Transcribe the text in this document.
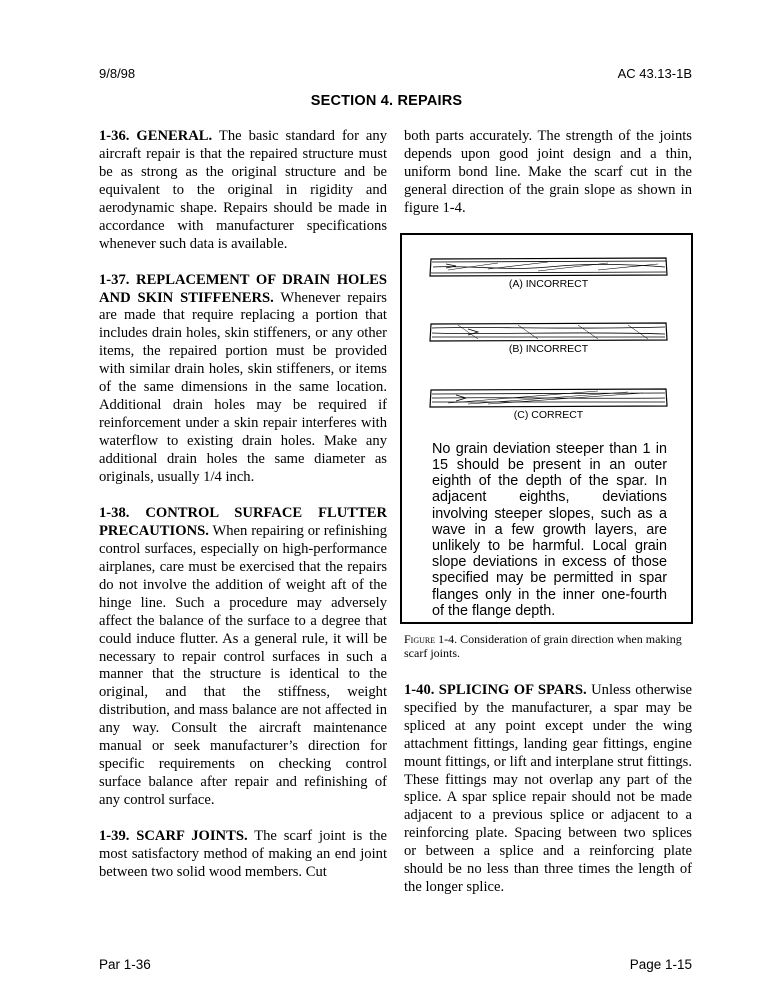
9/8/98	AC 43.13-1B
SECTION 4. REPAIRS

1-36. GENERAL. The basic standard for any aircraft repair is that the repaired structure must be as strong as the original structure and be equivalent to the original in rigidity and aerodynamic shape. Repairs should be made in accordance with manufacturer specifications whenever such data is available.

1-37. REPLACEMENT OF DRAIN HOLES AND SKIN STIFFENERS. Whenever repairs are made that require replacing a portion that includes drain holes, skin stiffeners, or any other items, the repaired portion must be provided with similar drain holes, skin stiffeners, or items of the same dimensions in the same location. Additional drain holes may be required if reinforcement under a skin repair interferes with waterflow to existing drain holes. Make any additional drain holes the same diameter as originals, usually 1/4 inch.

1-38. CONTROL SURFACE FLUTTER PRECAUTIONS. When repairing or refinishing control surfaces, especially on high-performance airplanes, care must be exercised that the repairs do not involve the addition of weight aft of the hinge line. Such a procedure may adversely affect the balance of the surface to a degree that could induce flutter. As a general rule, it will be necessary to repair control surfaces in such a manner that the structure is identical to the original, and that the stiffness, weight distribution, and mass balance are not affected in any way. Consult the aircraft maintenance manual or seek manufacturer’s direction for specific requirements on checking control surface balance after repair and refinishing of any control surface.

1-39. SCARF JOINTS. The scarf joint is the most satisfactory method of making an end joint between two solid wood members. Cut

both parts accurately. The strength of the joints depends upon good joint design and a thin, uniform bond line. Make the scarf cut in the general direction of the grain slope as shown in figure 1-4.

(A) INCORRECT
(B) INCORRECT
(C) CORRECT
No grain deviation steeper than 1 in 15 should be present in an outer eighth of the depth of the spar. In adjacent eighths, deviations involving steeper slopes, such as a wave in a few growth layers, are unlikely to be harmful. Local grain slope deviations in excess of those specified may be permitted in spar flanges only in the inner one-fourth of the flange depth.
Figure 1-4. Consideration of grain direction when making scarf joints.

1-40. SPLICING OF SPARS. Unless otherwise specified by the manufacturer, a spar may be spliced at any point except under the wing attachment fittings, landing gear fittings, engine mount fittings, or lift and interplane strut fittings. These fittings may not overlap any part of the splice. A spar splice repair should not be made adjacent to a previous splice or adjacent to a reinforcing plate. Spacing between two splices or between a splice and a reinforcing plate should be no less than three times the length of the longer splice.

Par 1-36	Page 1-15
